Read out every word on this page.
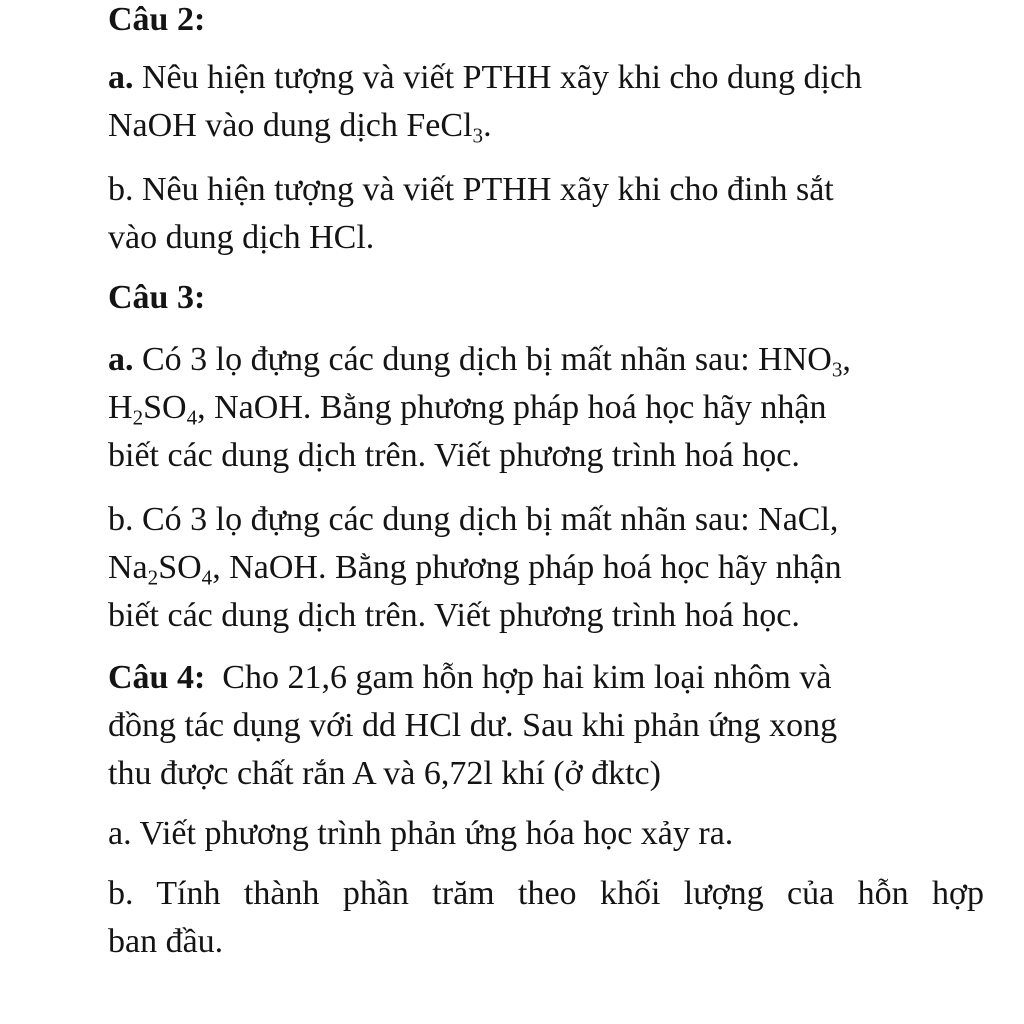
Câu 2:
a. Nêu hiện tượng và viết PTHH xãy khi cho dung dịch
NaOH vào dung dịch FeCl$_3$.
b. Nêu hiện tượng và viết PTHH xãy khi cho đinh sắt
vào dung dịch HCl.
Câu 3:
a. Có 3 lọ đựng các dung dịch bị mất nhãn sau: $HNO_3$,
$H_2SO_4$, NaOH. Bằng phương pháp hoá học hãy nhận
biết các dung dịch trên. Viết phương trình hoá học.
b. Có 3 lọ đựng các dung dịch bị mất nhãn sau: NaCl,
$Na_2SO_4$, NaOH. Bằng phương pháp hoá học hãy nhận
biết các dung dịch trên. Viết phương trình hoá học.
Câu 4: Cho 21,6 gam hỗn hợp hai kim loại nhôm và
đồng tác dụng với dd HCl dư. Sau khi phản ứng xong
thu được chất rắn A và 6,72l khí (ở đktc)
a. Viết phương trình phản ứng hóa học xảy ra.
b. Tính thành phần trăm theo khối lượng của hỗn hợp
ban đầu.
